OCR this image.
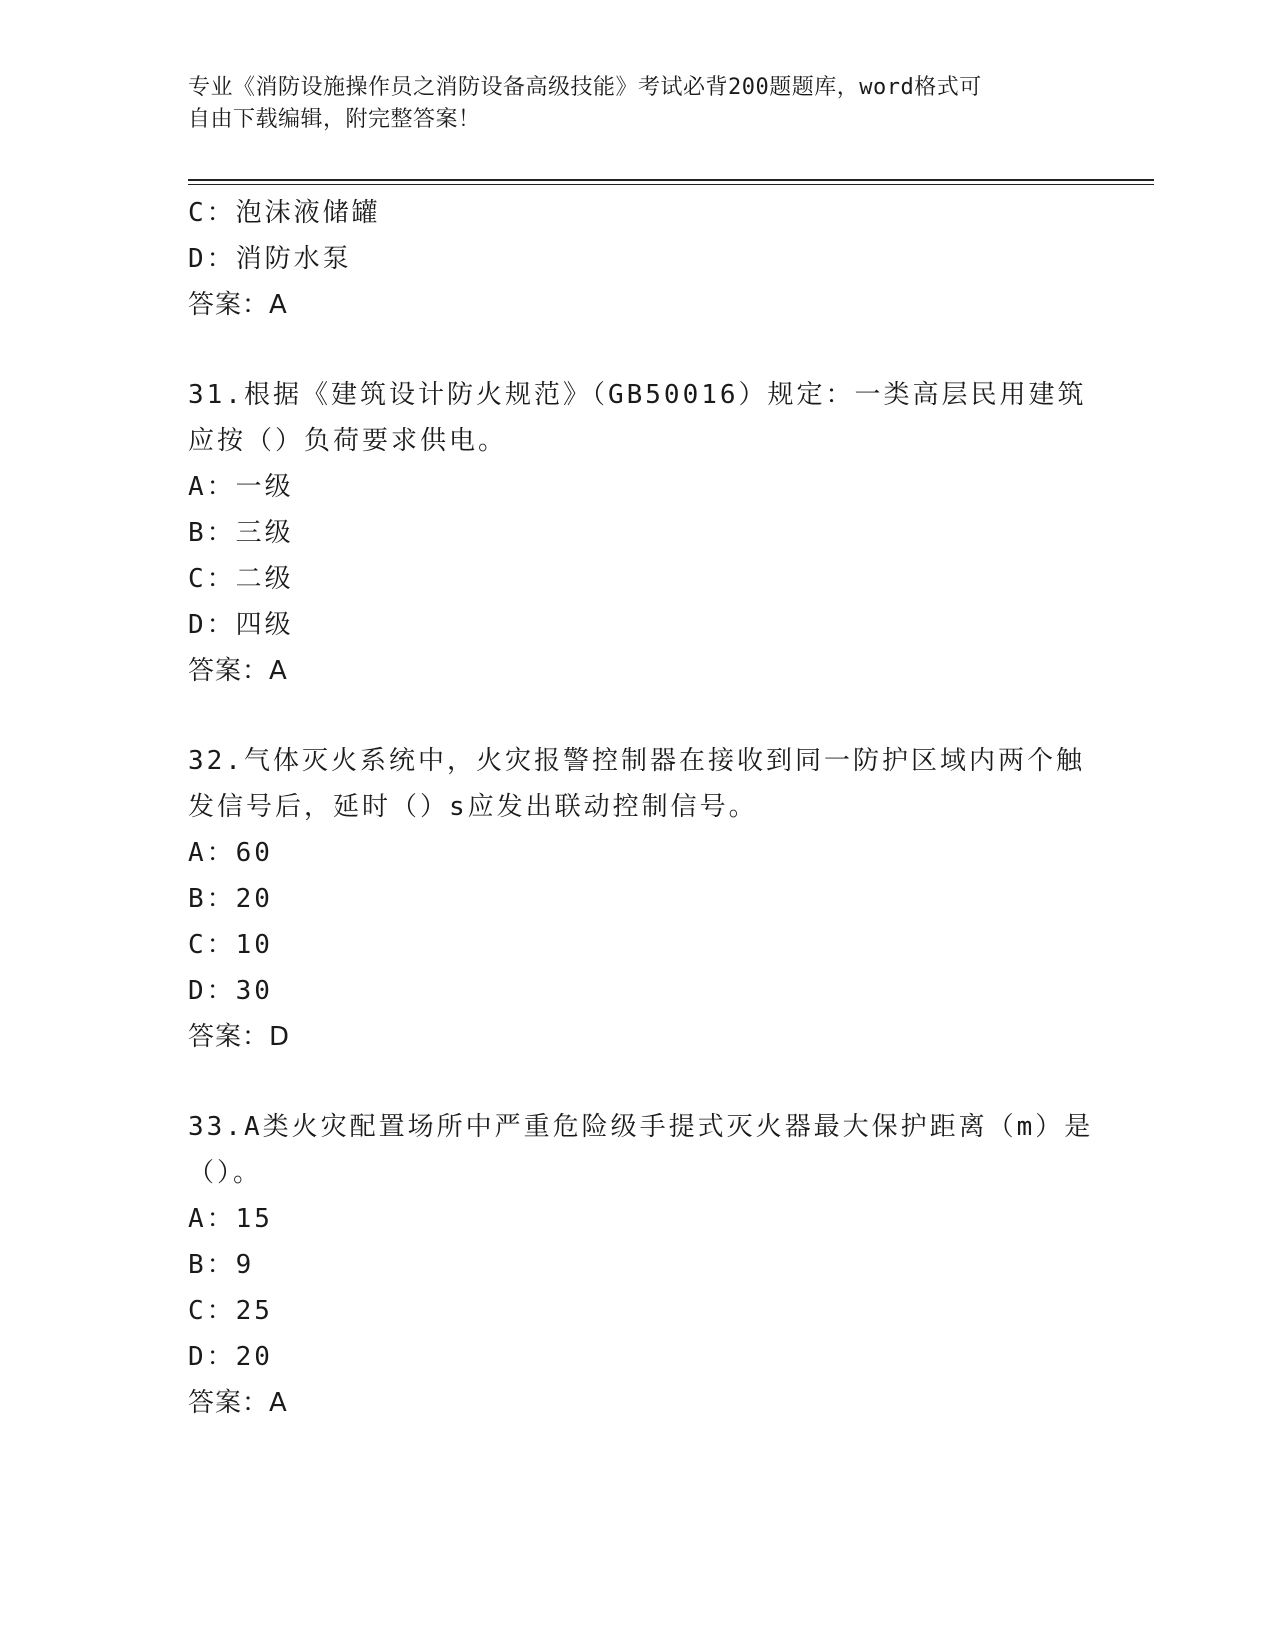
专业《消防设施操作员之消防设备高级技能》考试必背200题题库，word格式可
自由下载编辑，附完整答案！
C：泡沫液储罐
D：消防水泵
答案：A
31.根据《建筑设计防火规范》（GB50016）规定：一类高层民用建筑
应按（）负荷要求供电。
A：一级
B：三级
C：二级
D：四级
答案：A
32.气体灭火系统中，火灾报警控制器在接收到同一防护区域内两个触
发信号后，延时（）s应发出联动控制信号。
A：60
B：20
C：10
D：30
答案：D
33.A类火灾配置场所中严重危险级手提式灭火器最大保护距离（m）是
（）。
A：15
B：9
C：25
D：20
答案：A
